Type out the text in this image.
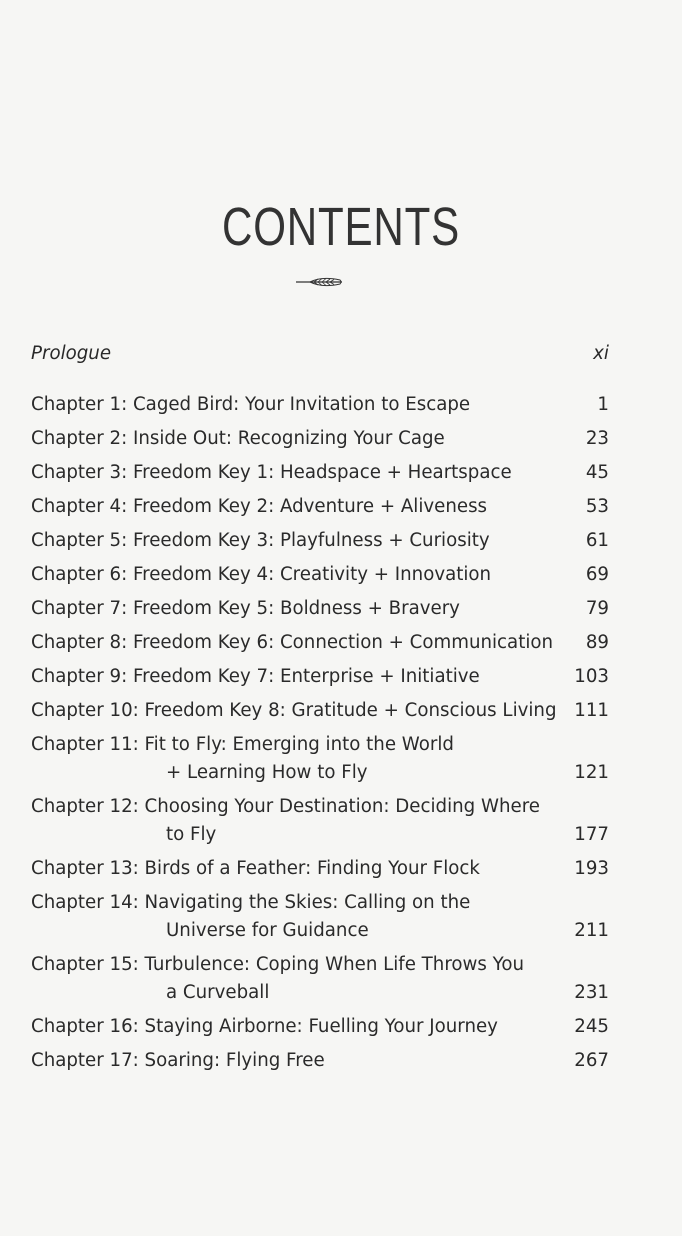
CONTENTS
Prologue	xi
Chapter 1: Caged Bird: Your Invitation to Escape	1
Chapter 2: Inside Out: Recognizing Your Cage	23
Chapter 3: Freedom Key 1: Headspace + Heartspace	45
Chapter 4: Freedom Key 2: Adventure + Aliveness	53
Chapter 5: Freedom Key 3: Playfulness + Curiosity	61
Chapter 6: Freedom Key 4: Creativity + Innovation	69
Chapter 7: Freedom Key 5: Boldness + Bravery	79
Chapter 8: Freedom Key 6: Connection + Communication	89
Chapter 9: Freedom Key 7: Enterprise + Initiative	103
Chapter 10: Freedom Key 8: Gratitude + Conscious Living 111
Chapter 11: Fit to Fly: Emerging into the World
+ Learning How to Fly	121
Chapter 12: Choosing Your Destination: Deciding Where
to Fly	177
Chapter 13: Birds of a Feather: Finding Your Flock	193
Chapter 14: Navigating the Skies: Calling on the
Universe for Guidance	211
Chapter 15: Turbulence: Coping When Life Throws You
a Curveball	231
Chapter 16: Staying Airborne: Fuelling Your Journey	245
Chapter 17: Soaring: Flying Free	267
